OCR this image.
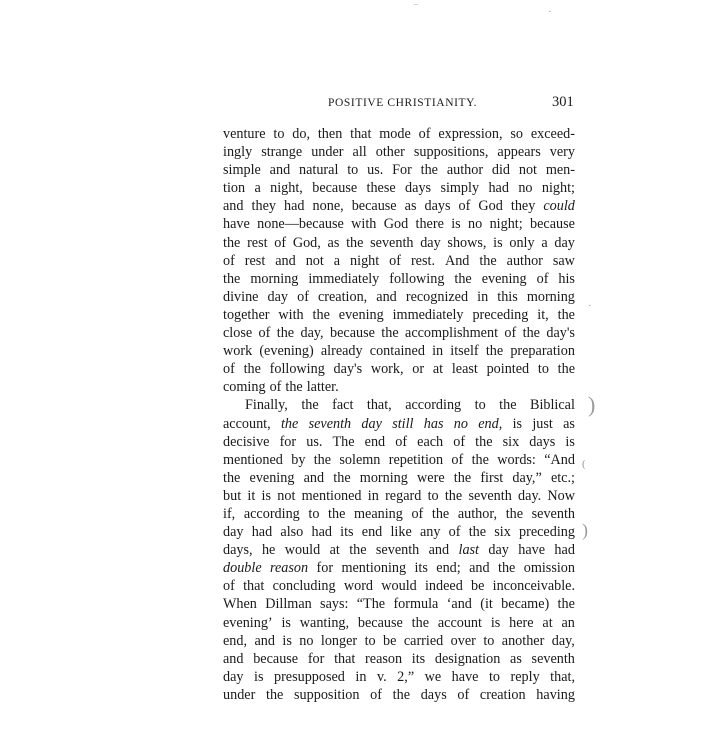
POSITIVE CHRISTIANITY.	301
venture to do, then that mode of expression, so exceed-
ingly strange under all other suppositions, appears very
simple and natural to us. For the author did not men-
tion a night, because these days simply had no night;
and they had none, because as days of God they could
have none—because with God there is no night; because
the rest of God, as the seventh day shows, is only a day
of rest and not a night of rest. And the author saw
the morning immediately following the evening of his
divine day of creation, and recognized in this morning
together with the evening immediately preceding it, the
close of the day, because the accomplishment of the day's
work (evening) already contained in itself the preparation
of the following day's work, or at least pointed to the
coming of the latter.
Finally, the fact that, according to the Biblical
account, the seventh day still has no end, is just as
decisive for us. The end of each of the six days is
mentioned by the solemn repetition of the words: “And
the evening and the morning were the first day,” etc.;
but it is not mentioned in regard to the seventh day. Now
if, according to the meaning of the author, the seventh
day had also had its end like any of the six preceding
days, he would at the seventh and last day have had
double reason for mentioning its end; and the omission
of that concluding word would indeed be inconceivable.
When Dillman says: “The formula ‘and (it became) the
evening’ is wanting, because the account is here at an
end, and is no longer to be carried over to another day,
and because for that reason its designation as seventh
day is presupposed in v. 2,” we have to reply that,
under the supposition of the days of creation having
‾	·
·
)
(
)
